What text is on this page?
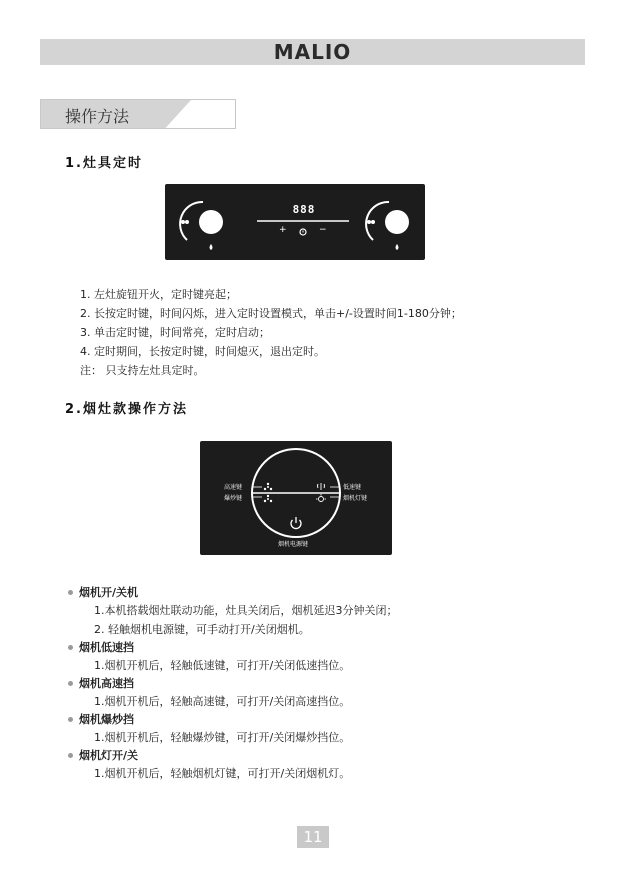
MALIO
操作方法
1.灶具定时
888
+	−
1. 左灶旋钮开火，定时键亮起；
2. 长按定时键，时间闪烁，进入定时设置模式，单击+/-设置时间1-180分钟；
3. 单击定时键，时间常亮，定时启动；
4. 定时期间，长按定时键，时间熄灭，退出定时。
注： 只支持左灶具定时。
2.烟灶款操作方法
高速键
爆炒键
低速键
烟机灯键
烟机电源键
烟机开/关机
1.本机搭载烟灶联动功能，灶具关闭后，烟机延迟3分钟关闭；
2. 轻触烟机电源键，可手动打开/关闭烟机。
烟机低速挡
1.烟机开机后，轻触低速键，可打开/关闭低速挡位。
烟机高速挡
1.烟机开机后，轻触高速键，可打开/关闭高速挡位。
烟机爆炒挡
1.烟机开机后，轻触爆炒键，可打开/关闭爆炒挡位。
烟机灯开/关
1.烟机开机后，轻触烟机灯键，可打开/关闭烟机灯。
11
